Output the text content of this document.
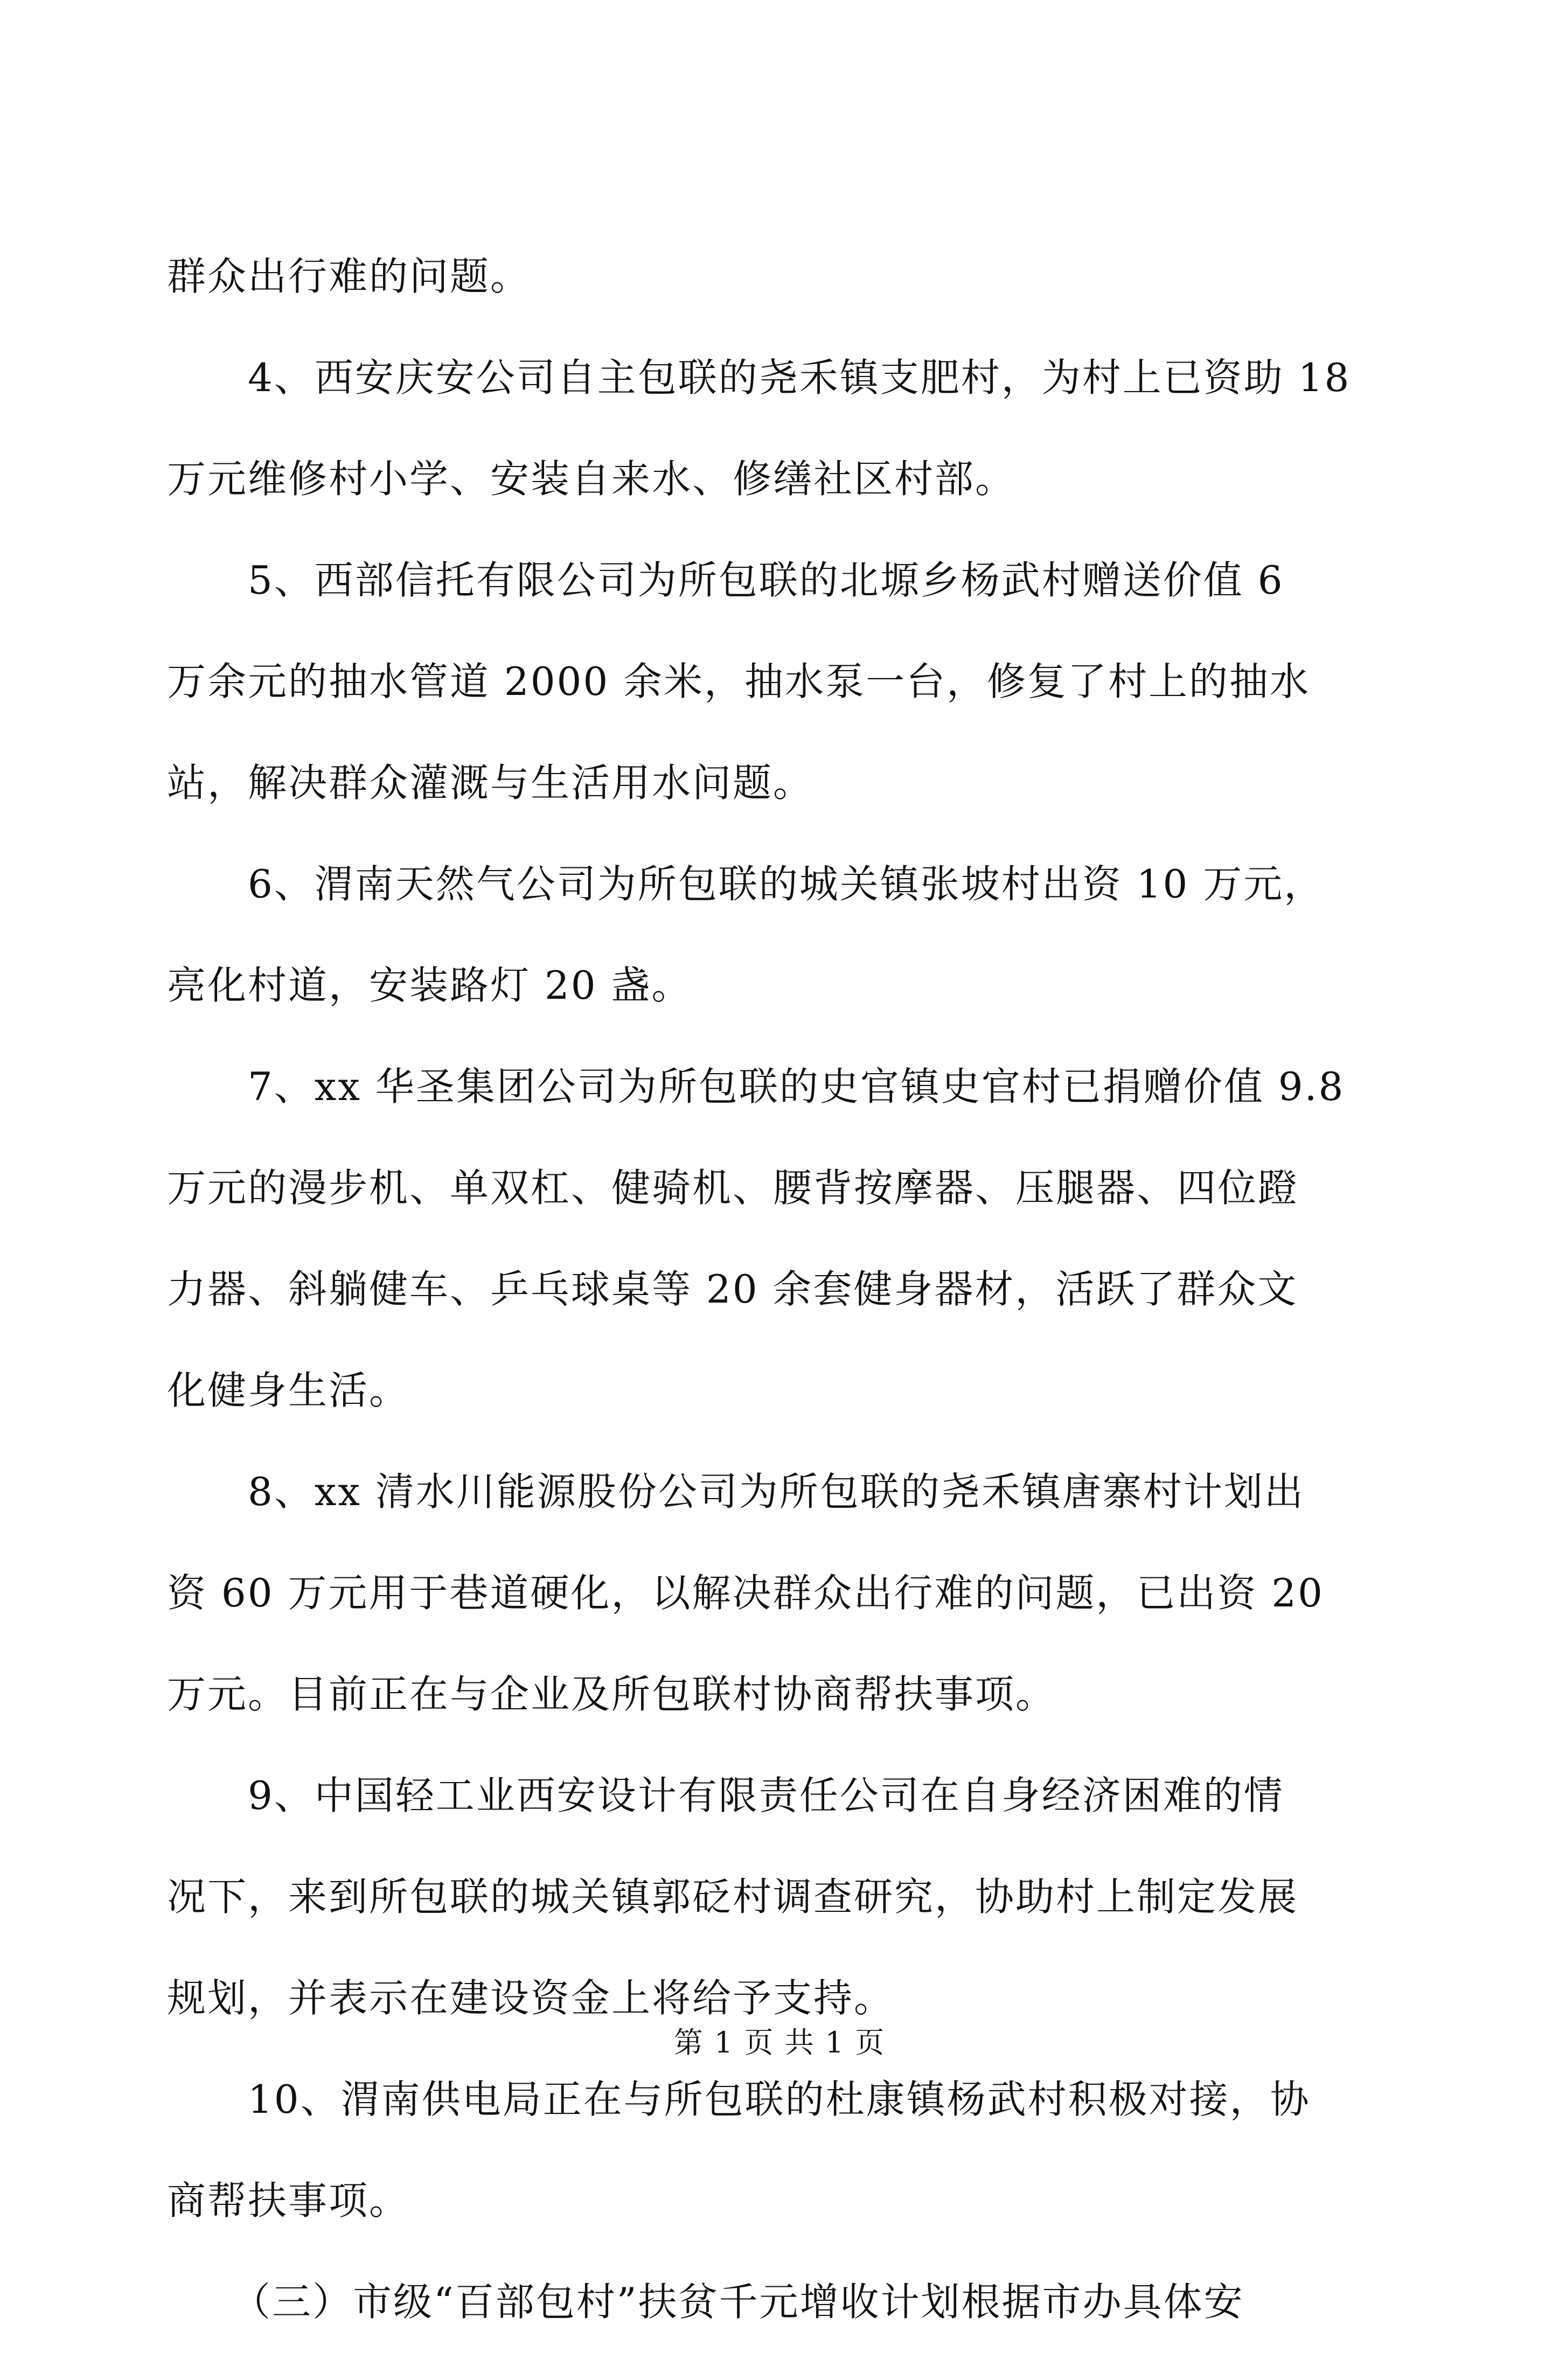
群众出行难的问题。
4、西安庆安公司自主包联的尧禾镇支肥村，为村上已资助 18
万元维修村小学、安装自来水、修缮社区村部。
5、西部信托有限公司为所包联的北塬乡杨武村赠送价值 6
万余元的抽水管道 2000 余米，抽水泵一台，修复了村上的抽水
站，解决群众灌溉与生活用水问题。
6、渭南天然气公司为所包联的城关镇张坡村出资 10 万元，
亮化村道，安装路灯 20 盏。
7、xx 华圣集团公司为所包联的史官镇史官村已捐赠价值 9.8
万元的漫步机、单双杠、健骑机、腰背按摩器、压腿器、四位蹬
力器、斜躺健车、乒乓球桌等 20 余套健身器材，活跃了群众文
化健身生活。
8、xx 清水川能源股份公司为所包联的尧禾镇唐寨村计划出
资 60 万元用于巷道硬化，以解决群众出行难的问题，已出资 20
万元。目前正在与企业及所包联村协商帮扶事项。
9、中国轻工业西安设计有限责任公司在自身经济困难的情
况下，来到所包联的城关镇郭砭村调查研究，协助村上制定发展
规划，并表示在建设资金上将给予支持。
10、渭南供电局正在与所包联的杜康镇杨武村积极对接，协
商帮扶事项。
（三）市级“百部包村”扶贫千元增收计划根据市办具体安
第 1 页 共 1 页
